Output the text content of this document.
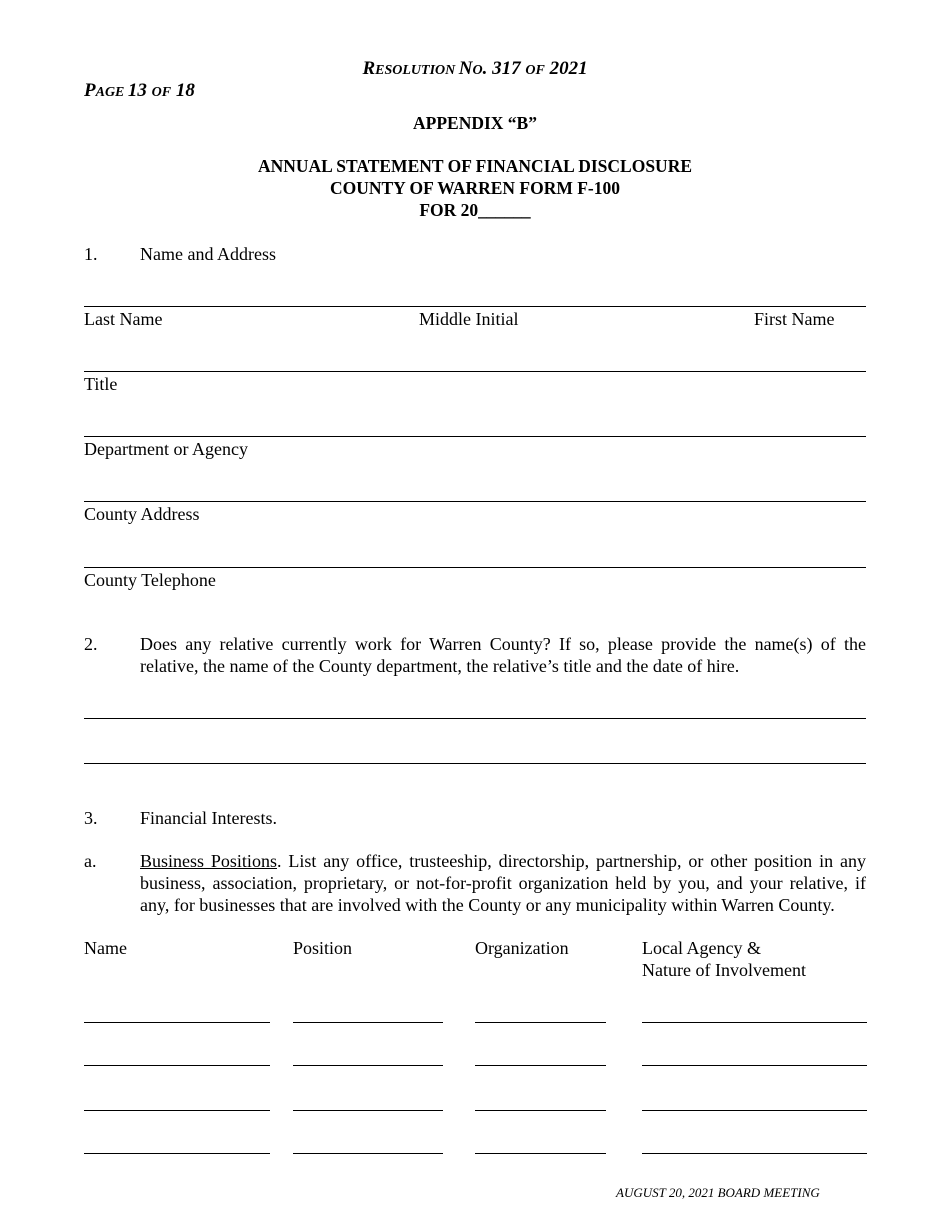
RESOLUTION NO. 317 OF 2021
PAGE 13 OF 18
APPENDIX “B”
ANNUAL STATEMENT OF FINANCIAL DISCLOSURE
COUNTY OF WARREN FORM F-100
FOR 20______
1. Name and Address
Last Name	Middle Initial	First Name
Title
Department or Agency
County Address
County Telephone
2. Does any relative currently work for Warren County? If so, please provide the name(s) of the relative, the name of the County department, the relative’s title and the date of hire.
3. Financial Interests.
a. Business Positions. List any office, trusteeship, directorship, partnership, or other position in any business, association, proprietary, or not-for-profit organization held by you, and your relative, if any, for businesses that are involved with the County or any municipality within Warren County.
Name	Position	Organization	Local Agency &
Nature of Involvement
AUGUST 20, 2021 BOARD MEETING
